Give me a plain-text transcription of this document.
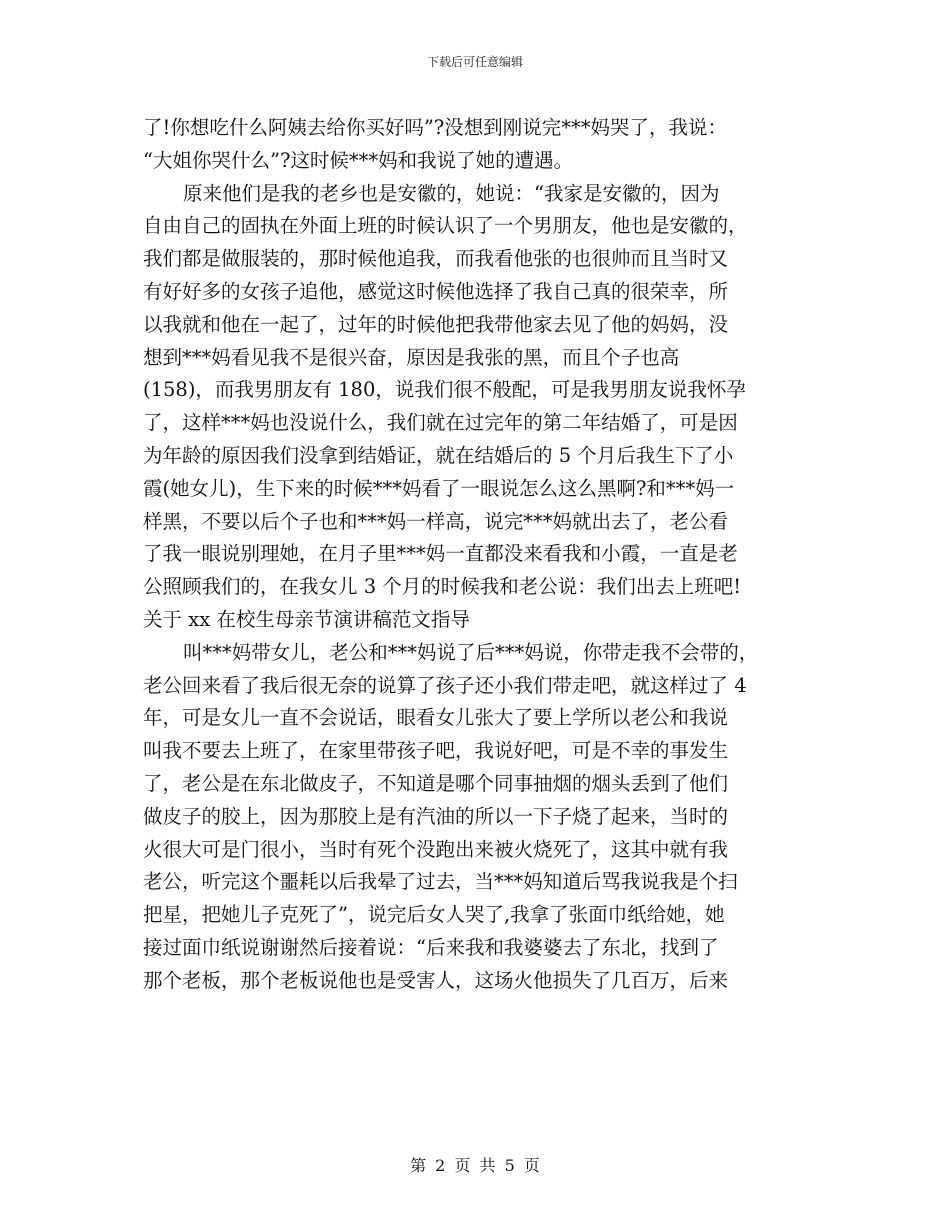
下载后可任意编辑
了!你想吃什么阿姨去给你买好吗”?没想到刚说完***妈哭了，我说：
“大姐你哭什么”?这时候***妈和我说了她的遭遇。
原来他们是我的老乡也是安徽的，她说：“我家是安徽的，因为
自由自己的固执在外面上班的时候认识了一个男朋友，他也是安徽的，
我们都是做服装的，那时候他追我，而我看他张的也很帅而且当时又
有好好多的女孩子追他，感觉这时候他选择了我自己真的很荣幸，所
以我就和他在一起了，过年的时候他把我带他家去见了他的妈妈，没
想到***妈看见我不是很兴奋，原因是我张的黑，而且个子也高
(158)，而我男朋友有 180，说我们很不般配，可是我男朋友说我怀孕
了，这样***妈也没说什么，我们就在过完年的第二年结婚了，可是因
为年龄的原因我们没拿到结婚证，就在结婚后的 5 个月后我生下了小
霞(她女儿)，生下来的时候***妈看了一眼说怎么这么黑啊?和***妈一
样黑，不要以后个子也和***妈一样高，说完***妈就出去了，老公看
了我一眼说别理她，在月子里***妈一直都没来看我和小霞，一直是老
公照顾我们的，在我女儿 3 个月的时候我和老公说：我们出去上班吧!
关于 xx 在校生母亲节演讲稿范文指导
叫***妈带女儿，老公和***妈说了后***妈说，你带走我不会带的，
老公回来看了我后很无奈的说算了孩子还小我们带走吧，就这样过了 4
年，可是女儿一直不会说话，眼看女儿张大了要上学所以老公和我说
叫我不要去上班了，在家里带孩子吧，我说好吧，可是不幸的事发生
了，老公是在东北做皮子，不知道是哪个同事抽烟的烟头丢到了他们
做皮子的胶上，因为那胶上是有汽油的所以一下子烧了起来，当时的
火很大可是门很小，当时有死个没跑出来被火烧死了，这其中就有我
老公，听完这个噩耗以后我晕了过去，当***妈知道后骂我说我是个扫
把星，把她儿子克死了”，说完后女人哭了,我拿了张面巾纸给她，她
接过面巾纸说谢谢然后接着说：“后来我和我婆婆去了东北，找到了
那个老板，那个老板说他也是受害人，这场火他损失了几百万，后来
第 2 页 共 5 页
